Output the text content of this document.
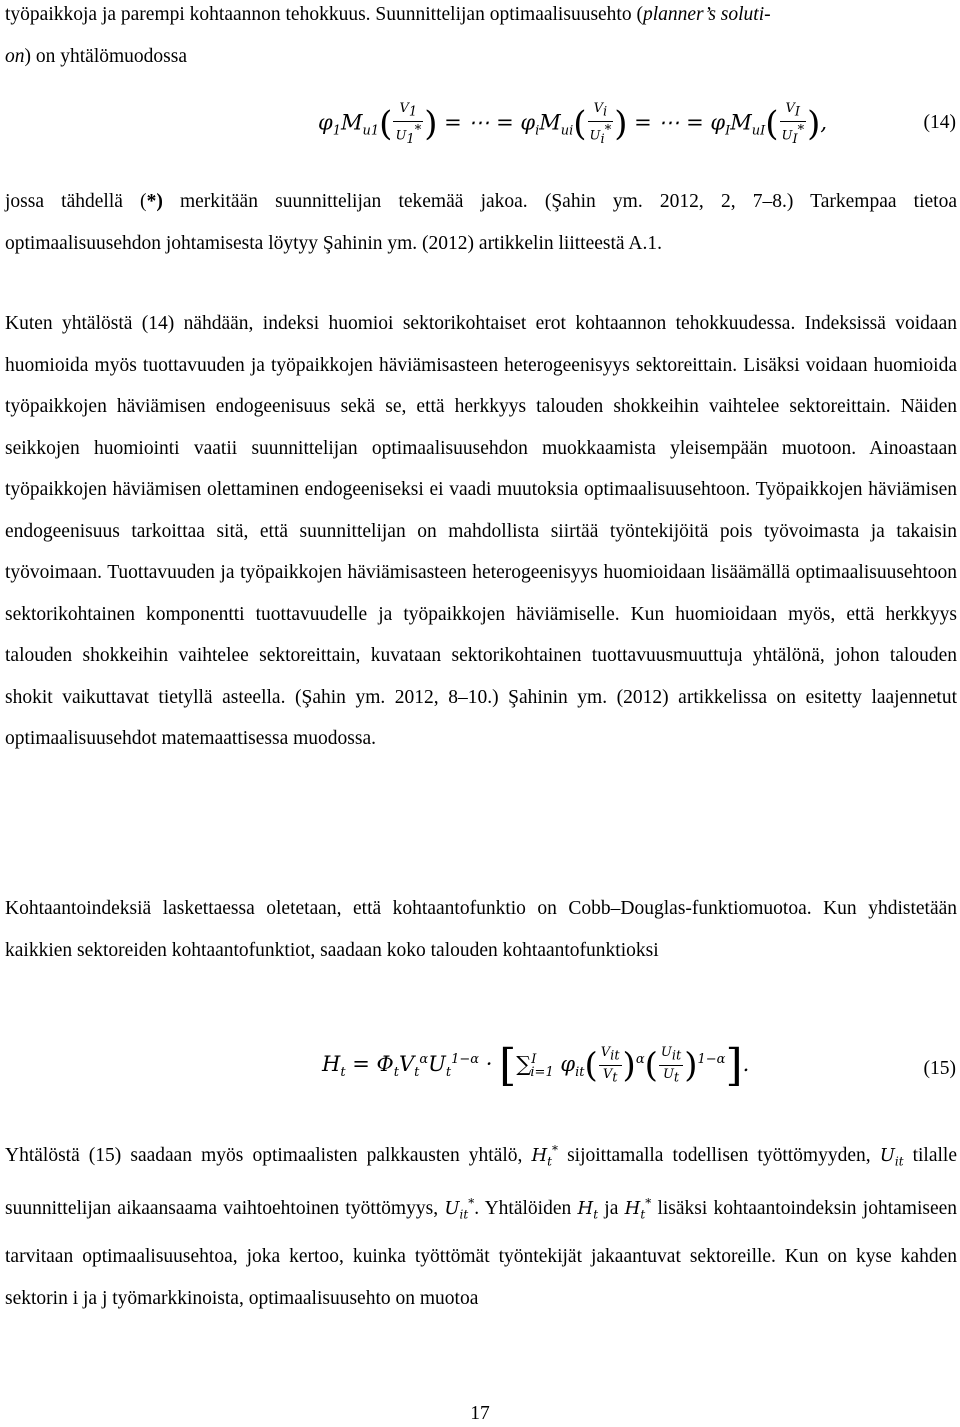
työpaikkoja ja parempi kohtaannon tehokkuus. Suunnittelijan optimaalisuusehto (planner’s soluti-
on) on yhtälömuodossa

$\varphi_1M_{u1}( \frac{V_1}{U_1^*}$ ) = ⋯ = $\varphi_iM_{ui}( \frac{V_i}{U_i^*}$ ) = ⋯ = $\varphi_IM_{uI}( \frac{V_I}{U_I^*}$ ),	(14)

jossa tähdellä (*) merkitään suunnittelijan tekemää jakoa. (Şahin ym. 2012, 2, 7–8.) Tarkempaa tietoa optimaalisuusehdon johtamisesta löytyy Şahinin ym. (2012) artikkelin liitteestä A.1.

Kuten yhtälöstä (14) nähdään, indeksi huomioi sektorikohtaiset erot kohtaannon tehokkuudessa. Indeksissä voidaan huomioida myös tuottavuuden ja työpaikkojen häviämisasteen heterogeenisyys sektoreittain. Lisäksi voidaan huomioida työpaikkojen häviämisen endogeenisuus sekä se, että herkkyys talouden shokkeihin vaihtelee sektoreittain. Näiden seikkojen huomiointi vaatii suunnittelijan optimaalisuusehdon muokkaamista yleisempään muotoon. Ainoastaan työpaikkojen häviämisen olettaminen endogeeniseksi ei vaadi muutoksia optimaalisuusehtoon. Työpaikkojen häviämisen endogeenisuus tarkoittaa sitä, että suunnittelijan on mahdollista siirtää työntekijöitä pois työvoimasta ja takaisin työvoimaan. Tuottavuuden ja työpaikkojen häviämisasteen heterogeenisyys huomioidaan lisäämällä optimaalisuusehtoon sektorikohtainen komponentti tuottavuudelle ja työpaikkojen häviämiselle. Kun huomioidaan myös, että herkkyys talouden shokkeihin vaihtelee sektoreittain, kuvataan sektorikohtainen tuottavuusmuuttuja yhtälönä, johon talouden shokit vaikuttavat tietyllä asteella. (Şahin ym. 2012, 8–10.) Şahinin ym. (2012) artikkelissa on esitetty laajennetut optimaalisuusehdot matemaattisessa muodossa.

Kohtaantoindeksiä laskettaessa oletetaan, että kohtaantofunktio on Cobb–Douglas-funktiomuotoa. Kun yhdistetään kaikkien sektoreiden kohtaantofunktiot, saadaan koko talouden kohtaantofunktioksi

$H_t = \Phi_tV_t^\alpha U_t^{1-\alpha} \cdot [\sum^I_{i=1}$ $\varphi_{it}( \frac{V_{it}}{V_t} )^\alpha( \frac{U_{it}}{U_t} )^{1-\alpha}$].	(15)

Yhtälöstä (15) saadaan myös optimaalisten palkkausten yhtälö, $H_t^*$ sijoittamalla todellisen työttömyyden, $U_{it}$ tilalle suunnittelijan aikaansaama vaihtoehtoinen työttömyys, $U_{it}^*$. Yhtälöiden $H_t$ ja $H_t^*$ lisäksi kohtaantoindeksin johtamiseen tarvitaan optimaalisuusehtoa, joka kertoo, kuinka työttömät työntekijät jakaantuvat sektoreille. Kun on kyse kahden sektorin i ja j työmarkkinoista, optimaalisuusehto on muotoa

17
